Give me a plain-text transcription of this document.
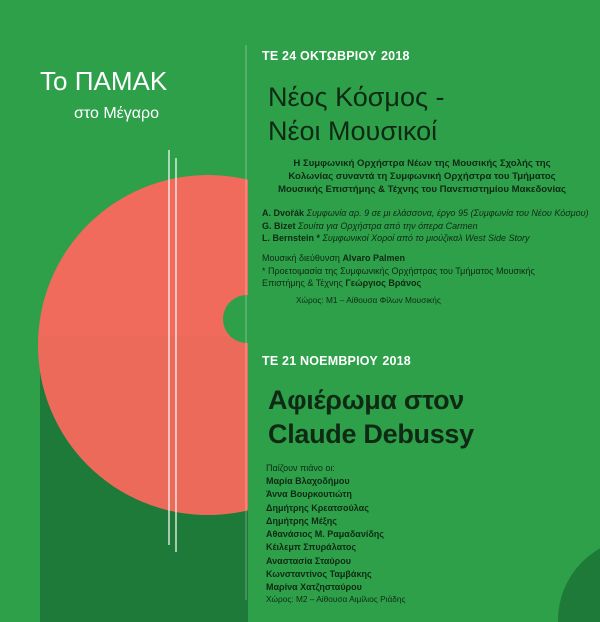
Το ΠΑΜΑΚ
στο Μέγαρο
ΤΕ 24 ΟΚΤΩΒΡΙΟΥ 2018
Νέος Κόσμος -
Νέοι Μουσικοί
Η Συμφωνική Ορχήστρα Νέων της Μουσικής Σχολής της
Κολωνίας συναντά τη Συμφωνική Ορχήστρα του Τμήματος
Μουσικής Επιστήμης & Τέχνης του Πανεπιστημίου Μακεδονίας
A. Dvořák Συμφωνία αρ. 9 σε μι ελάσσονα, έργο 95 (Συμφωνία του Νέου Κόσμου)
G. Bizet Σουίτα για Ορχήστρα από την όπερα Carmen
L. Bernstein * Συμφωνικοί Χοροί από το μιούζικαλ West Side Story
Μουσική διεύθυνση Alvaro Palmen
* Προετοιμασία της Συμφωνικής Ορχήστρας του Τμήματος Μουσικής
Επιστήμης & Τέχνης Γεώργιος Βράνος
Χώρος: Μ1 – Αίθουσα Φίλων Μουσικής
ΤΕ 21 ΝΟΕΜΒΡΙΟΥ 2018
Αφιέρωμα στον
Claude Debussy
Παίζουν πιάνο οι:
Μαρία Βλαχοδήμου
Άννα Βουρκουτιώτη
Δημήτρης Κρεατσούλας
Δημήτρης Μέξης
Αθανάσιος Μ. Ραμαδανίδης
Κέιλεμπ Σπυράλατος
Αναστασία Σταύρου
Κωνσταντίνος Ταμβάκης
Μαρίνα Χατζησταύρου
Χώρος: Μ2 – Αίθουσα Αιμίλιος Ριάδης
